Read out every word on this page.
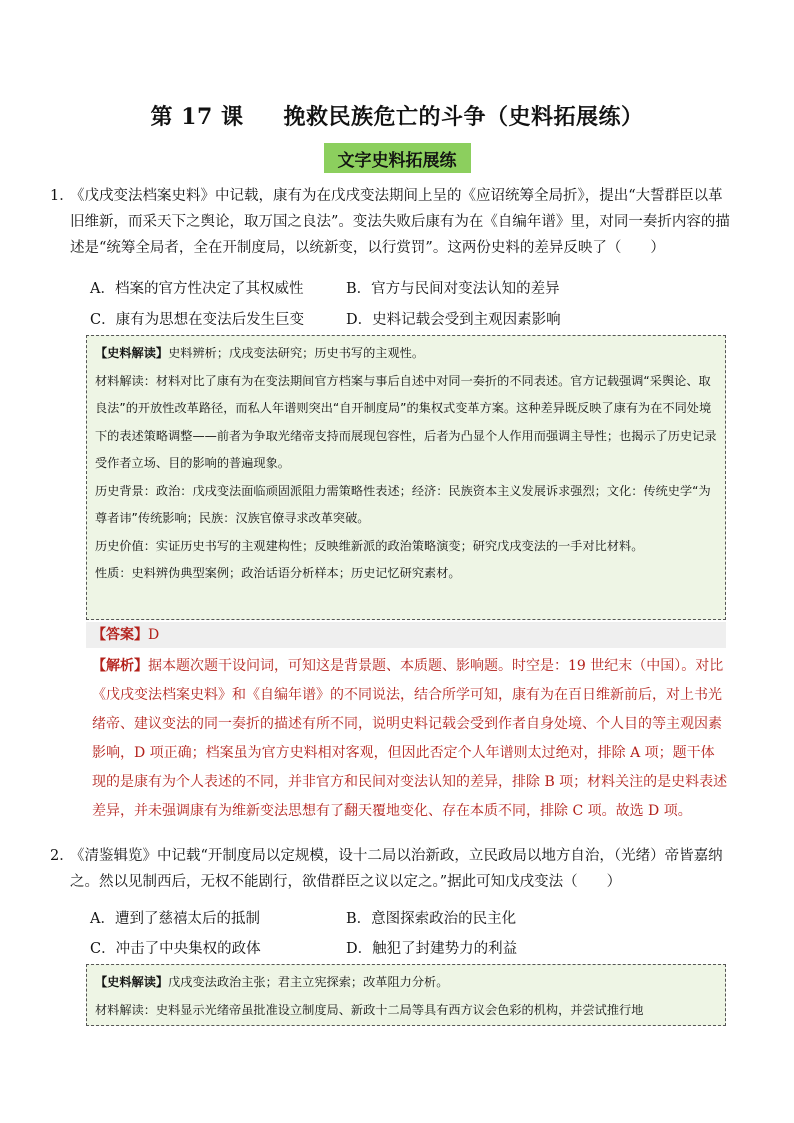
第 17 课 挽救民族危亡的斗争（史料拓展练）
文字史料拓展练
1．《戊戌变法档案史料》中记载，康有为在戊戌变法期间上呈的《应诏统筹全局折》，提出“大誓群臣以革旧维新，而采天下之舆论，取万国之良法”。变法失败后康有为在《自编年谱》里，对同一奏折内容的描述是“统筹全局者，全在开制度局，以统新变，以行赏罚”。这两份史料的差异反映了（　　）
A．档案的官方性决定了其权威性	B．官方与民间对变法认知的差异
C．康有为思想在变法后发生巨变	D．史料记载会受到主观因素影响

【史料解读】史料辨析；戊戌变法研究；历史书写的主观性。

材料解读：材料对比了康有为在变法期间官方档案与事后自述中对同一奏折的不同表述。官方记载强调“采舆论、取良法”的开放性改革路径，而私人年谱则突出“自开制度局”的集权式变革方案。这种差异既反映了康有为在不同处境下的表述策略调整——前者为争取光绪帝支持而展现包容性，后者为凸显个人作用而强调主导性；也揭示了历史记录受作者立场、目的影响的普遍现象。

历史背景：政治：戊戌变法面临顽固派阻力需策略性表述；经济：民族资本主义发展诉求强烈；文化：传统史学“为尊者讳”传统影响；民族：汉族官僚寻求改革突破。

历史价值：实证历史书写的主观建构性；反映维新派的政治策略演变；研究戊戌变法的一手对比材料。

性质：史料辨伪典型案例；政治话语分析样本；历史记忆研究素材。

【答案】D
【解析】据本题次题干设问词，可知这是背景题、本质题、影响题。时空是：19 世纪末（中国）。对比《戊戌变法档案史料》和《自编年谱》的不同说法，结合所学可知，康有为在百日维新前后，对上书光绪帝、建议变法的同一奏折的描述有所不同，说明史料记载会受到作者自身处境、个人目的等主观因素影响，D 项正确；档案虽为官方史料相对客观，但因此否定个人年谱则太过绝对，排除 A 项；题干体现的是康有为个人表述的不同，并非官方和民间对变法认知的差异，排除 B 项；材料关注的是史料表述差异，并未强调康有为维新变法思想有了翻天覆地变化、存在本质不同，排除 C 项。故选 D 项。
2．《清鉴辑览》中记载“开制度局以定规模，设十二局以治新政，立民政局以地方自治，（光绪）帝皆嘉纳之。然以见制西后，无权不能剧行，欲借群臣之议以定之。”据此可知戊戌变法（　　）
A．遭到了慈禧太后的抵制	B．意图探索政治的民主化
C．冲击了中央集权的政体	D．触犯了封建势力的利益

【史料解读】戊戌变法政治主张；君主立宪探索；改革阻力分析。

材料解读：史料显示光绪帝虽批准设立制度局、新政十二局等具有西方议会色彩的机构，并尝试推行地
